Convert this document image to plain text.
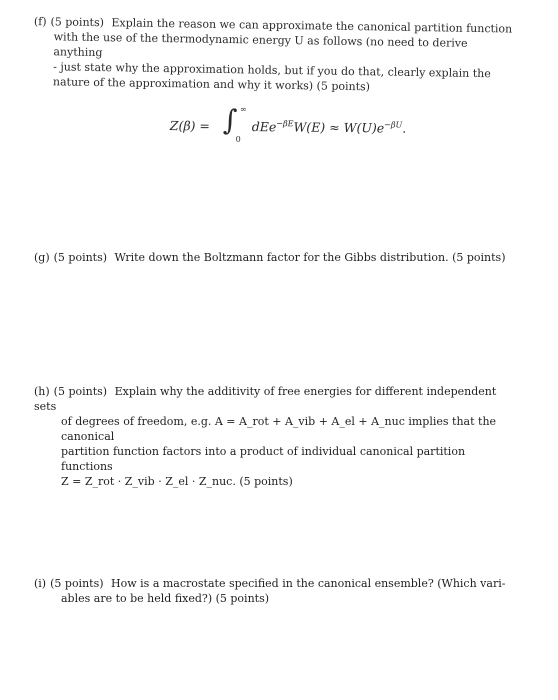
(f) (5 points) Explain the reason we can approximate the canonical partition function
with the use of the thermodynamic energy U as follows (no need to derive anything
- just state why the approximation holds, but if you do that, clearly explain the
nature of the approximation and why it works) (5 points)
Z(β) = ∫ ∞
0
$dEe^{-\beta E}W(E) \approx W(U)e^{-\beta U}$.
(g) (5 points) Write down the Boltzmann factor for the Gibbs distribution. (5 points)
(h) (5 points) Explain why the additivity of free energies for different independent sets
of degrees of freedom, e.g. A = A_rot + A_vib + A_el + A_nuc implies that the canonical
partition function factors into a product of individual canonical partition functions
Z = Z_rot · Z_vib · Z_el · Z_nuc. (5 points)
(i) (5 points) How is a macrostate specified in the canonical ensemble? (Which vari-
ables are to be held fixed?) (5 points)
